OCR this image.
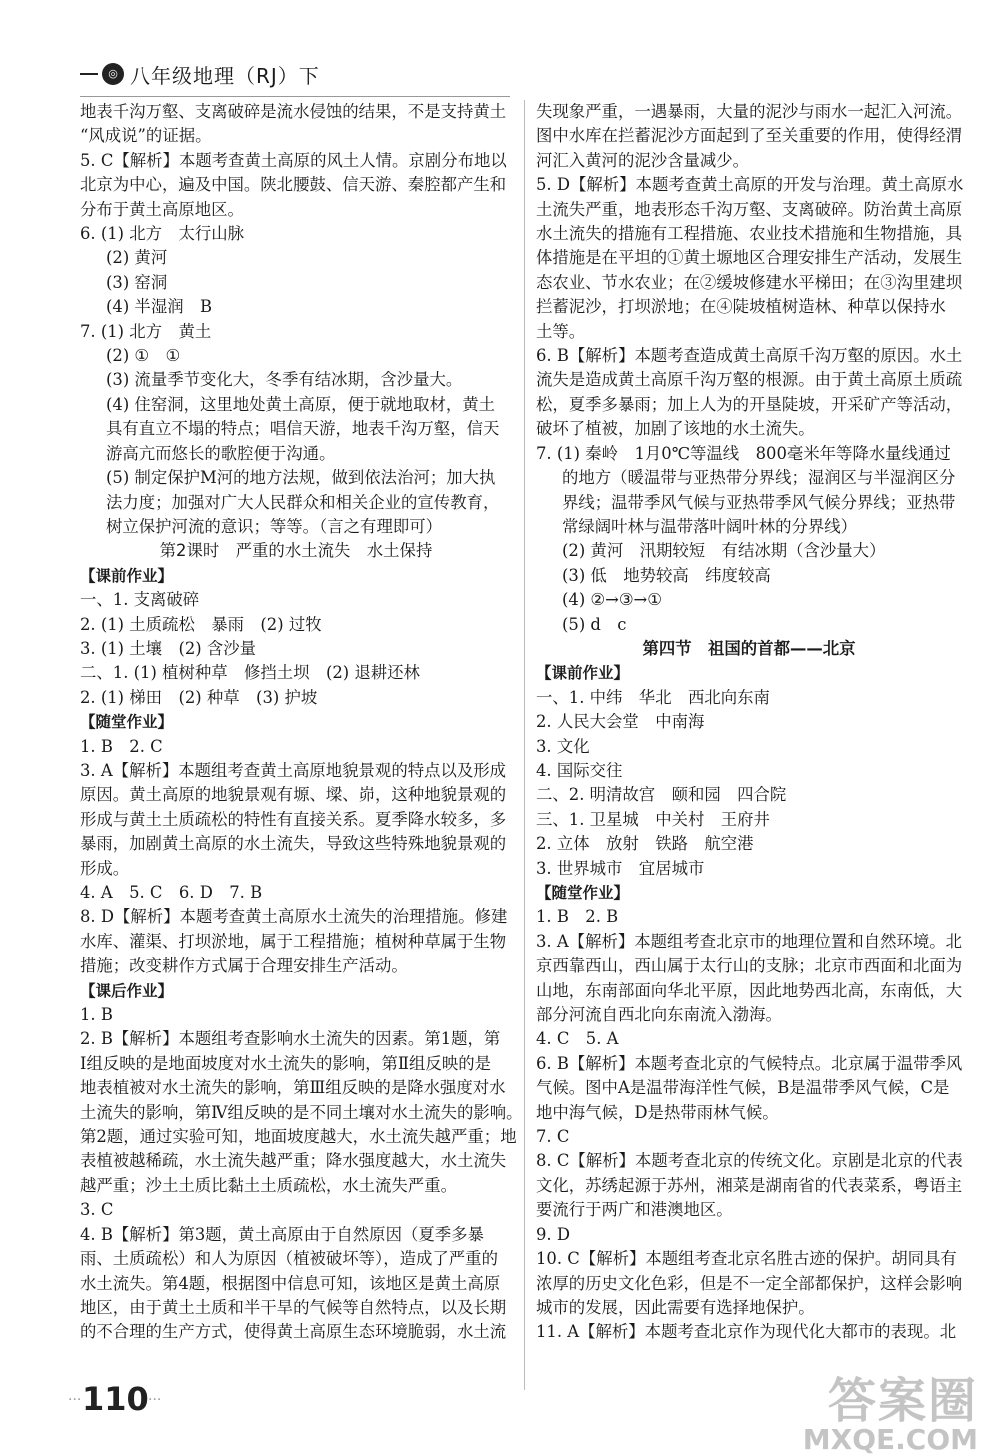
◎ 八年级地理（RJ）下
地表千沟万壑、支离破碎是流水侵蚀的结果，不是支持黄土
“风成说”的证据。
5. C【解析】本题考查黄土高原的风土人情。京剧分布地以
北京为中心，遍及中国。陕北腰鼓、信天游、秦腔都产生和
分布于黄土高原地区。
6. (1) 北方　太行山脉
(2) 黄河
(3) 窑洞
(4) 半湿润　B
7. (1) 北方　黄土
(2) ①　①
(3) 流量季节变化大，冬季有结冰期，含沙量大。
(4) 住窑洞，这里地处黄土高原，便于就地取材，黄土
具有直立不塌的特点；唱信天游，地表千沟万壑，信天
游高亢而悠长的歌腔便于沟通。
(5) 制定保护M河的地方法规，做到依法治河；加大执
法力度；加强对广大人民群众和相关企业的宣传教育，
树立保护河流的意识；等等。（言之有理即可）
第2课时　严重的水土流失　水土保持
【课前作业】
一、1. 支离破碎
2. (1) 土质疏松　暴雨　(2) 过牧
3. (1) 土壤　(2) 含沙量
二、1. (1) 植树种草　修挡土坝　(2) 退耕还林
2. (1) 梯田　(2) 种草　(3) 护坡
【随堂作业】
1. B　2. C
3. A【解析】本题组考查黄土高原地貌景观的特点以及形成
原因。黄土高原的地貌景观有塬、墚、峁，这种地貌景观的
形成与黄土土质疏松的特性有直接关系。夏季降水较多，多
暴雨，加剧黄土高原的水土流失，导致这些特殊地貌景观的
形成。
4. A　5. C　6. D　7. B
8. D【解析】本题考查黄土高原水土流失的治理措施。修建
水库、灌渠、打坝淤地，属于工程措施；植树种草属于生物
措施；改变耕作方式属于合理安排生产活动。
【课后作业】
1. B
2. B【解析】本题组考查影响水土流失的因素。第1题，第
Ⅰ组反映的是地面坡度对水土流失的影响，第Ⅱ组反映的是
地表植被对水土流失的影响，第Ⅲ组反映的是降水强度对水
土流失的影响，第Ⅳ组反映的是不同土壤对水土流失的影响。
第2题，通过实验可知，地面坡度越大，水土流失越严重；地
表植被越稀疏，水土流失越严重；降水强度越大，水土流失
越严重；沙土土质比黏土土质疏松，水土流失严重。
3. C
4. B【解析】第3题，黄土高原由于自然原因（夏季多暴
雨、土质疏松）和人为原因（植被破坏等），造成了严重的
水土流失。第4题，根据图中信息可知，该地区是黄土高原
地区，由于黄土土质和半干旱的气候等自然特点，以及长期
的不合理的生产方式，使得黄土高原生态环境脆弱，水土流
失现象严重，一遇暴雨，大量的泥沙与雨水一起汇入河流。
图中水库在拦蓄泥沙方面起到了至关重要的作用，使得经渭
河汇入黄河的泥沙含量减少。
5. D【解析】本题考查黄土高原的开发与治理。黄土高原水
土流失严重，地表形态千沟万壑、支离破碎。防治黄土高原
水土流失的措施有工程措施、农业技术措施和生物措施，具
体措施是在平坦的①黄土塬地区合理安排生产活动，发展生
态农业、节水农业；在②缓坡修建水平梯田；在③沟里建坝
拦蓄泥沙，打坝淤地；在④陡坡植树造林、种草以保持水
土等。
6. B【解析】本题考查造成黄土高原千沟万壑的原因。水土
流失是造成黄土高原千沟万壑的根源。由于黄土高原土质疏
松，夏季多暴雨；加上人为的开垦陡坡，开采矿产等活动，
破坏了植被，加剧了该地的水土流失。
7. (1) 秦岭　1月0℃等温线　800毫米年等降水量线通过
的地方（暖温带与亚热带分界线；湿润区与半湿润区分
界线；温带季风气候与亚热带季风气候分界线；亚热带
常绿阔叶林与温带落叶阔叶林的分界线）
(2) 黄河　汛期较短　有结冰期（含沙量大）
(3) 低　地势较高　纬度较高
(4) ②→③→①
(5) d　c
第四节　祖国的首都——北京
【课前作业】
一、1. 中纬　华北　西北向东南
2. 人民大会堂　中南海
3. 文化
4. 国际交往
二、2. 明清故宫　颐和园　四合院
三、1. 卫星城　中关村　王府井
2. 立体　放射　铁路　航空港
3. 世界城市　宜居城市
【随堂作业】
1. B　2. B
3. A【解析】本题组考查北京市的地理位置和自然环境。北
京西靠西山，西山属于太行山的支脉；北京市西面和北面为
山地，东南部面向华北平原，因此地势西北高，东南低，大
部分河流自西北向东南流入渤海。
4. C　5. A
6. B【解析】本题考查北京的气候特点。北京属于温带季风
气候。图中A是温带海洋性气候，B是温带季风气候，C是
地中海气候，D是热带雨林气候。
7. C
8. C【解析】本题考查北京的传统文化。京剧是北京的代表
文化，苏绣起源于苏州，湘菜是湖南省的代表菜系，粤语主
要流行于两广和港澳地区。
9. D
10. C【解析】本题组考查北京名胜古迹的保护。胡同具有
浓厚的历史文化色彩，但是不一定全部都保护，这样会影响
城市的发展，因此需要有选择地保护。
11. A【解析】本题考查北京作为现代化大都市的表现。北
··· 110 ···	答案圈
MXQE.COM
